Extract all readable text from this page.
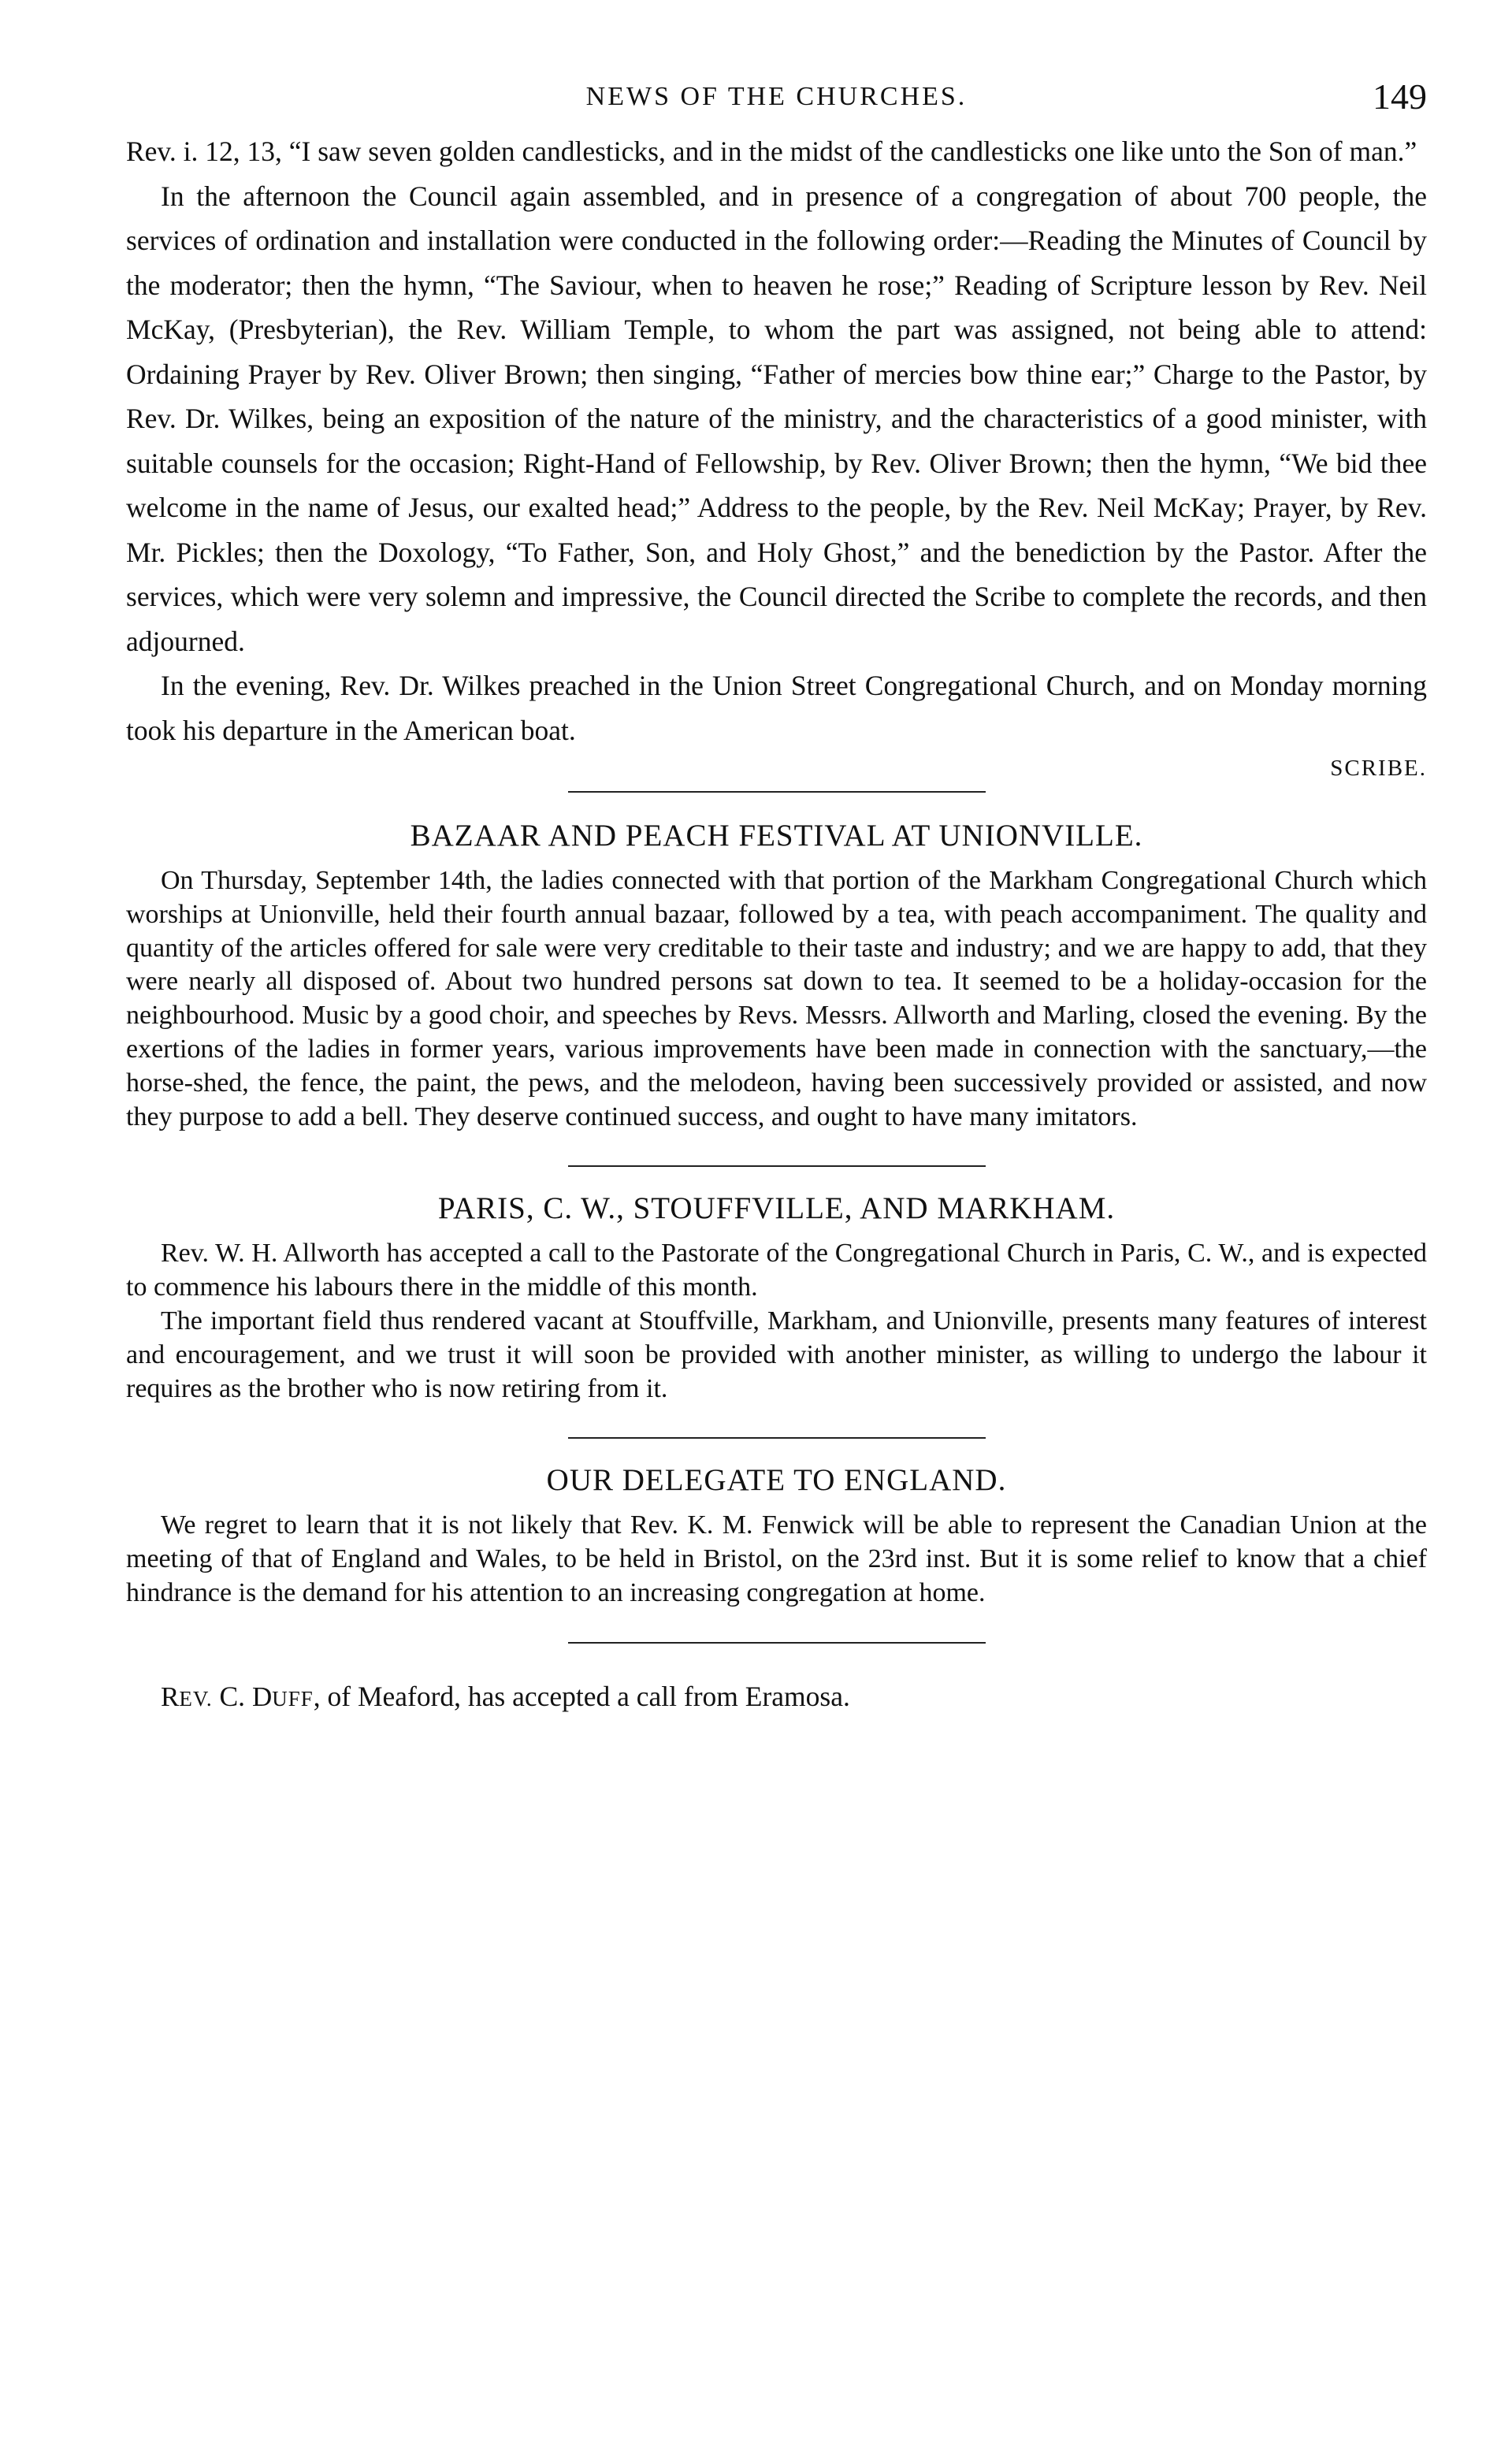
NEWS OF THE CHURCHES.	149

Rev. i. 12, 13, “I saw seven golden candlesticks, and in the midst of the candlesticks one like unto the Son of man.”

In the afternoon the Council again assembled, and in presence of a congregation of about 700 people, the services of ordination and installation were conducted in the following order:—Reading the Minutes of Council by the moderator; then the hymn, “The Saviour, when to heaven he rose;” Reading of Scripture lesson by Rev. Neil McKay, (Presbyterian), the Rev. William Temple, to whom the part was assigned, not being able to attend: Ordaining Prayer by Rev. Oliver Brown; then singing, “Father of mercies bow thine ear;” Charge to the Pastor, by Rev. Dr. Wilkes, being an exposition of the nature of the ministry, and the characteristics of a good minister, with suitable counsels for the occasion; Right-Hand of Fellowship, by Rev. Oliver Brown; then the hymn, “We bid thee welcome in the name of Jesus, our exalted head;” Address to the people, by the Rev. Neil McKay; Prayer, by Rev. Mr. Pickles; then the Doxology, “To Father, Son, and Holy Ghost,” and the benediction by the Pastor. After the services, which were very solemn and impressive, the Council directed the Scribe to complete the records, and then adjourned.

In the evening, Rev. Dr. Wilkes preached in the Union Street Congregational Church, and on Monday morning took his departure in the American boat.

SCRIBE.
BAZAAR AND PEACH FESTIVAL AT UNIONVILLE.

On Thursday, September 14th, the ladies connected with that portion of the Markham Congregational Church which worships at Unionville, held their fourth annual bazaar, followed by a tea, with peach accompaniment. The quality and quantity of the articles offered for sale were very creditable to their taste and industry; and we are happy to add, that they were nearly all disposed of. About two hundred persons sat down to tea. It seemed to be a holiday-occasion for the neighbourhood. Music by a good choir, and speeches by Revs. Messrs. Allworth and Marling, closed the evening. By the exertions of the ladies in former years, various improvements have been made in connection with the sanctuary,—the horse-shed, the fence, the paint, the pews, and the melodeon, having been successively provided or assisted, and now they purpose to add a bell. They deserve continued success, and ought to have many imitators.

PARIS, C. W., STOUFFVILLE, AND MARKHAM.

Rev. W. H. Allworth has accepted a call to the Pastorate of the Congregational Church in Paris, C. W., and is expected to commence his labours there in the middle of this month.

The important field thus rendered vacant at Stouffville, Markham, and Unionville, presents many features of interest and encouragement, and we trust it will soon be provided with another minister, as willing to undergo the labour it requires as the brother who is now retiring from it.

OUR DELEGATE TO ENGLAND.

We regret to learn that it is not likely that Rev. K. M. Fenwick will be able to represent the Canadian Union at the meeting of that of England and Wales, to be held in Bristol, on the 23rd inst. But it is some relief to know that a chief hindrance is the demand for his attention to an increasing congregation at home.

REV. C. DUFF, of Meaford, has accepted a call from Eramosa.
